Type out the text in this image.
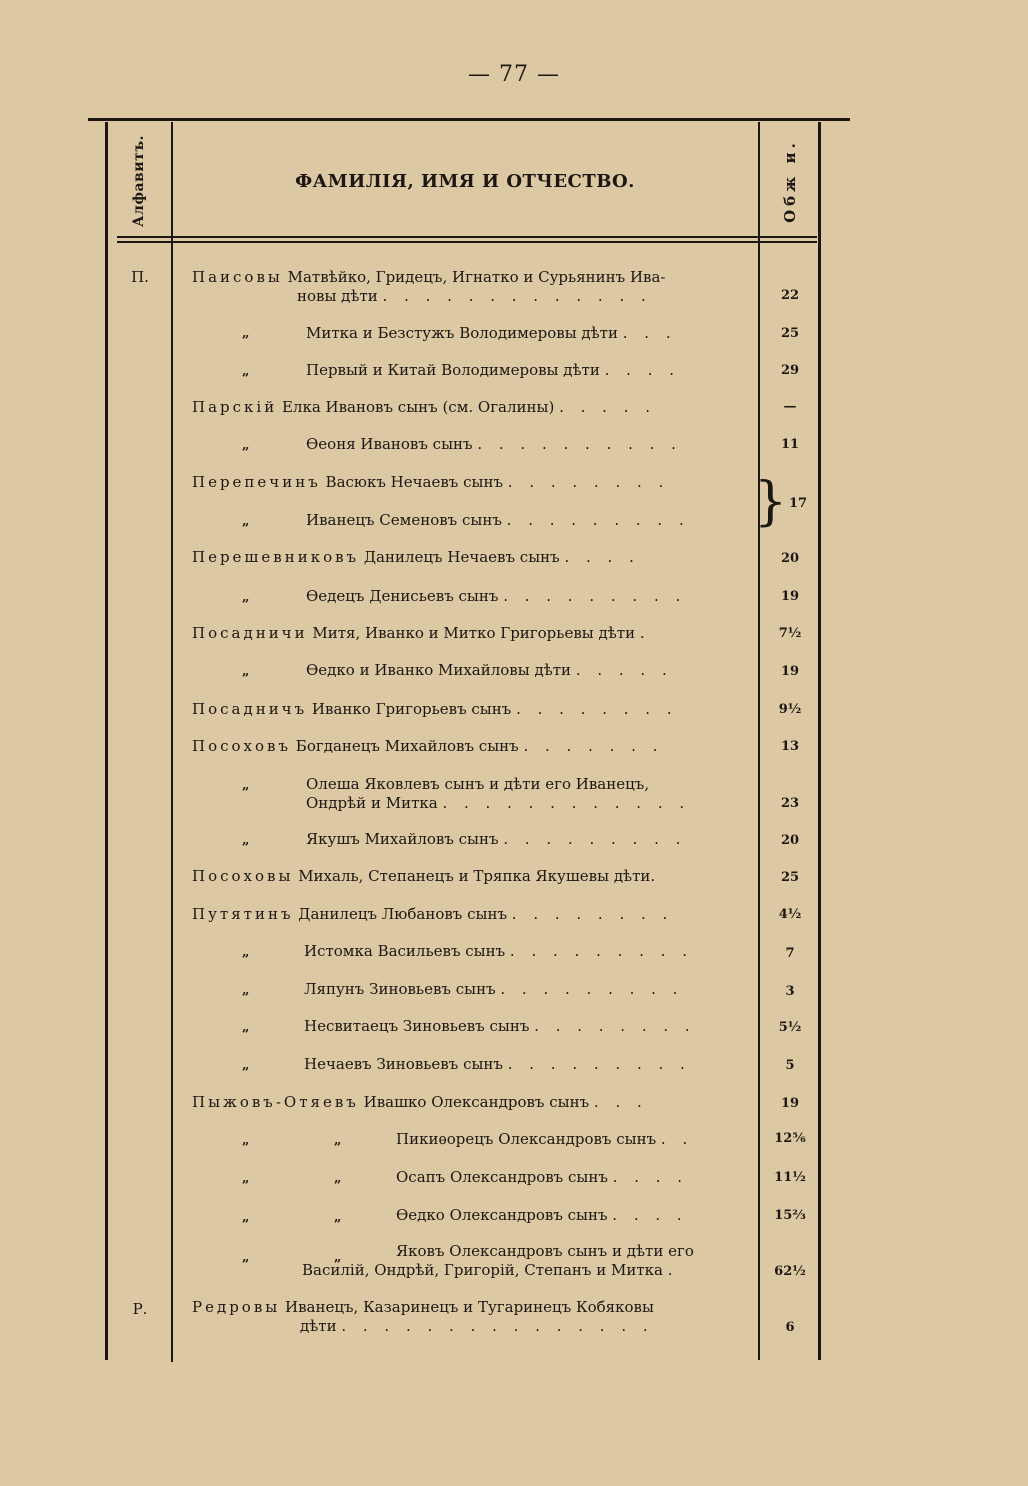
— 77 —
Алфавитъ.	ФАМИЛІЯ, ИМЯ И ОТЧЕСТВО.	Обж и.
П.
Р.
Паисовы Матвѣйко, Гридецъ, Игнатко и Сурьянинъ Ива-
новы дѣти . . . . . . . . . . . . .	22
„	Митка и Безстужъ Володимеровы дѣти . . .	25
„	Первый и Китай Володимеровы дѣти . . . .	29
Парскій Елка Ивановъ сынъ (см. Огалины) . . . . .	—
„	Ѳеоня Ивановъ сынъ . . . . . . . . . .	11
Перепечинъ Васюкъ Нечаевъ сынъ . . . . . . . .	} 17
„	Иванецъ Семеновъ сынъ . . . . . . . . .
Перешевниковъ Данилецъ Нечаевъ сынъ . . . .	20
„	Ѳедецъ Денисьевъ сынъ . . . . . . . . .	19
Посадничи Митя, Иванко и Митко Григорьевы дѣти .	7½
„	Ѳедко и Иванко Михайловы дѣти . . . . .	19
Посадничъ Иванко Григорьевъ сынъ . . . . . . . .	9½
Посоховъ Богданецъ Михайловъ сынъ . . . . . . .	13
„	Олеша Яковлевъ сынъ и дѣти его Иванецъ,
Ондрѣй и Митка . . . . . . . . . . . .	23
„	Якушъ Михайловъ сынъ . . . . . . . . .	20
Посоховы Михаль, Степанецъ и Тряпка Якушевы дѣти.	25
Путятинъ Данилецъ Любановъ сынъ . . . . . . . .	4½
„	Истомка Васильевъ сынъ . . . . . . . . .	7
„	Ляпунъ Зиновьевъ сынъ . . . . . . . . .	3
„	Несвитаецъ Зиновьевъ сынъ . . . . . . . .	5½
„	Нечаевъ Зиновьевъ сынъ . . . . . . . . .	5
Пыжовъ-Отяевъ Ивашко Олександровъ сынъ . . .	19
„	„	Пикиѳорецъ Олександровъ сынъ . .	12⅚
„	„	Осапъ Олександровъ сынъ . . . .	11½
„	„	Ѳедко Олександровъ сынъ . . . .	15⅔
„	„	Яковъ Олександровъ сынъ и дѣти его
Василій, Ондрѣй, Григорій, Степанъ и Митка .	62½
Редровы Иванецъ, Казаринецъ и Тугаринецъ Кобяковы
дѣти . . . . . . . . . . . . . . .	6
